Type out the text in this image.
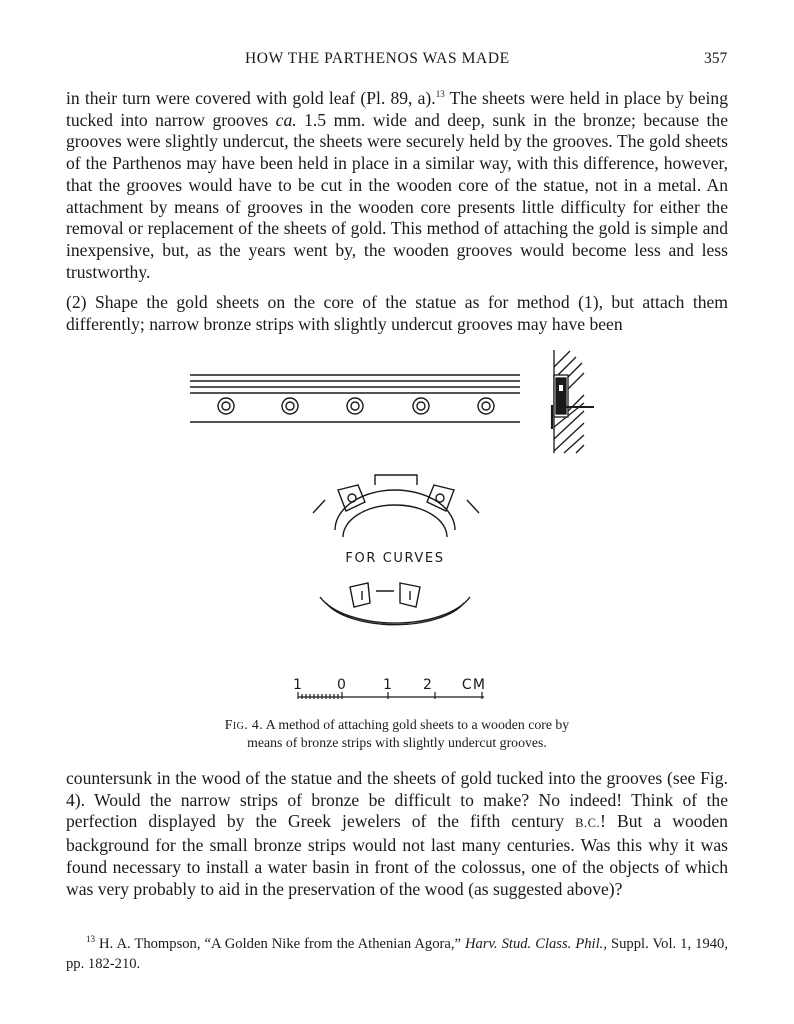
HOW THE PARTHENOS WAS MADE	357

in their turn were covered with gold leaf (Pl. 89, a).$^{13}$ The sheets were held in place by being tucked into narrow grooves ca. 1.5 mm. wide and deep, sunk in the bronze; because the grooves were slightly undercut, the sheets were securely held by the grooves. The gold sheets of the Parthenos may have been held in place in a similar way, with this difference, however, that the grooves would have to be cut in the wooden core of the statue, not in a metal. An attachment by means of grooves in the wooden core presents little difficulty for either the removal or replacement of the sheets of gold. This method of attaching the gold is simple and inexpensive, but, as the years went by, the wooden grooves would become less and less trustworthy.

(2) Shape the gold sheets on the core of the statue as for method (1), but attach them differently; narrow bronze strips with slightly undercut grooves may have been

FOR CURVES
1 0	1 2 CM

Fig. 4. A method of attaching gold sheets to a wooden core by
means of bronze strips with slightly undercut grooves.

countersunk in the wood of the statue and the sheets of gold tucked into the grooves (see Fig. 4). Would the narrow strips of bronze be difficult to make? No indeed! Think of the perfection displayed by the Greek jewelers of the fifth century B.C.! But a wooden background for the small bronze strips would not last many centuries. Was this why it was found necessary to install a water basin in front of the colossus, one of the objects of which was very probably to aid in the preservation of the wood (as suggested above)?

$^{13}$ H. A. Thompson, “A Golden Nike from the Athenian Agora,” Harv. Stud. Class. Phil., Suppl. Vol. 1, 1940, pp. 182-210.
